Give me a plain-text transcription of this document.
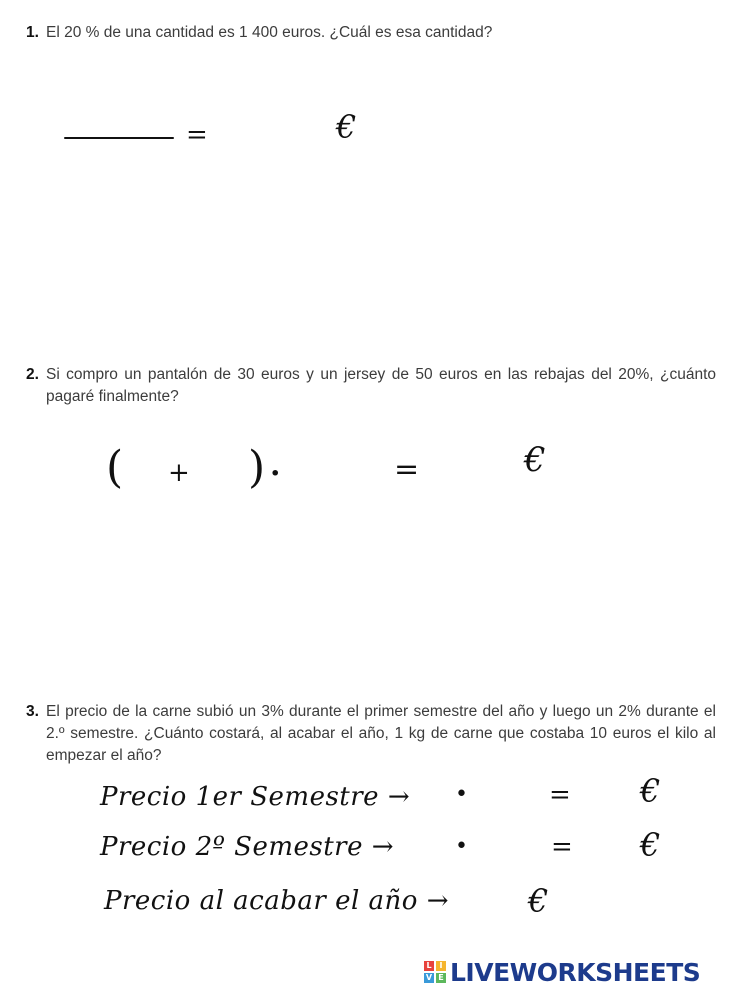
1. El 20 % de una cantidad es 1 400 euros. ¿Cuál es esa cantidad?
=	€
2. Si compro un pantalón de 30 euros y un jersey de 50 euros en las rebajas del 20%, ¿cuánto pagaré finalmente?
( + ) ·	=	€
3. El precio de la carne subió un 3% durante el primer semestre del año y luego un 2% durante el 2.º semestre. ¿Cuánto costará, al acabar el año, 1 kg de carne que costaba 10 euros el kilo al empezar el año?
Precio 1er Semestre → •	= €
Precio 2º Semestre →	•	= €
Precio al acabar el año → €
L I
V E LIVEWORKSHEETS
